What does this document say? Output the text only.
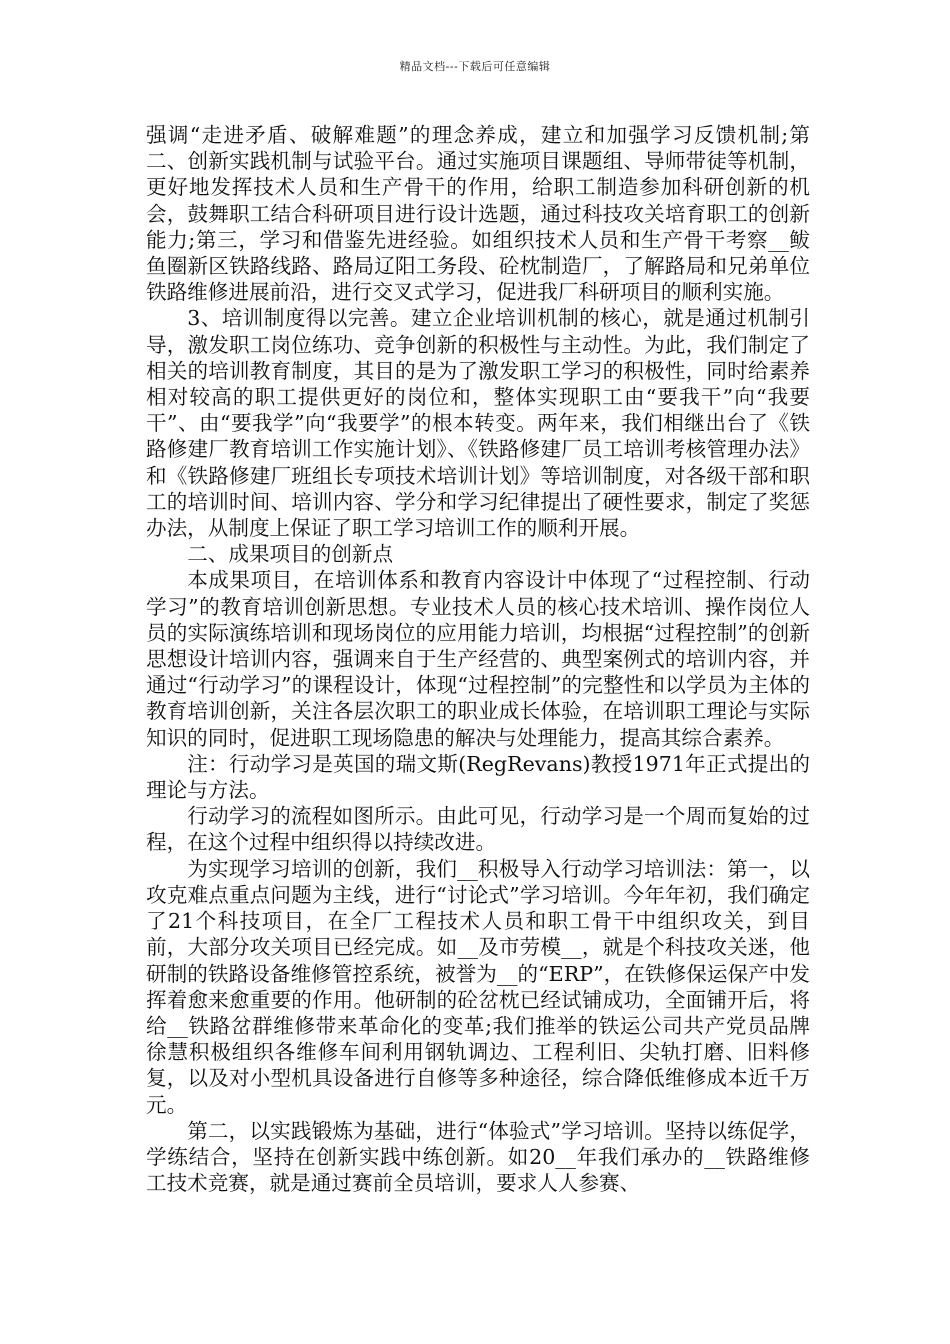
精品文档---下载后可任意编辑

强调“走进矛盾、破解难题”的理念养成，建立和加强学习反馈机制;第二、创新实践机制与试验平台。通过实施项目课题组、导师带徒等机制，更好地发挥技术人员和生产骨干的作用，给职工制造参加科研创新的机会，鼓舞职工结合科研项目进行设计选题，通过科技攻关培育职工的创新能力;第三，学习和借鉴先进经验。如组织技术人员和生产骨干考察__鲅鱼圈新区铁路线路、路局辽阳工务段、砼枕制造厂，了解路局和兄弟单位铁路维修进展前沿，进行交叉式学习，促进我厂科研项目的顺利实施。

3、培训制度得以完善。建立企业培训机制的核心，就是通过机制引导，激发职工岗位练功、竞争创新的积极性与主动性。为此，我们制定了相关的培训教育制度，其目的是为了激发职工学习的积极性，同时给素养相对较高的职工提供更好的岗位和，整体实现职工由“要我干”向“我要干”、由“要我学”向“我要学”的根本转变。两年来，我们相继出台了《铁路修建厂教育培训工作实施计划》、《铁路修建厂员工培训考核管理办法》和《铁路修建厂班组长专项技术培训计划》等培训制度，对各级干部和职工的培训时间、培训内容、学分和学习纪律提出了硬性要求，制定了奖惩办法，从制度上保证了职工学习培训工作的顺利开展。

二、成果项目的创新点

本成果项目，在培训体系和教育内容设计中体现了“过程控制、行动学习”的教育培训创新思想。专业技术人员的核心技术培训、操作岗位人员的实际演练培训和现场岗位的应用能力培训，均根据“过程控制”的创新思想设计培训内容，强调来自于生产经营的、典型案例式的培训内容，并通过“行动学习”的课程设计，体现“过程控制”的完整性和以学员为主体的教育培训创新，关注各层次职工的职业成长体验，在培训职工理论与实际知识的同时，促进职工现场隐患的解决与处理能力，提高其综合素养。

注：行动学习是英国的瑞文斯(RegRevans)教授1971年正式提出的理论与方法。

行动学习的流程如图所示。由此可见，行动学习是一个周而复始的过程，在这个过程中组织得以持续改进。

为实现学习培训的创新，我们__积极导入行动学习培训法：第一，以攻克难点重点问题为主线，进行“讨论式”学习培训。今年年初，我们确定了21个科技项目，在全厂工程技术人员和职工骨干中组织攻关，到目前，大部分攻关项目已经完成。如__及市劳模__，就是个科技攻关迷，他研制的铁路设备维修管控系统，被誉为__的“ERP”，在铁修保运保产中发挥着愈来愈重要的作用。他研制的砼岔枕已经试铺成功，全面铺开后，将给__铁路岔群维修带来革命化的变革;我们推举的铁运公司共产党员品牌徐慧积极组织各维修车间利用钢轨调边、工程利旧、尖轨打磨、旧料修复，以及对小型机具设备进行自修等多种途径，综合降低维修成本近千万元。

第二，以实践锻炼为基础，进行“体验式”学习培训。坚持以练促学，学练结合，坚持在创新实践中练创新。如20__年我们承办的__铁路维修工技术竞赛，就是通过赛前全员培训，要求人人参赛、
